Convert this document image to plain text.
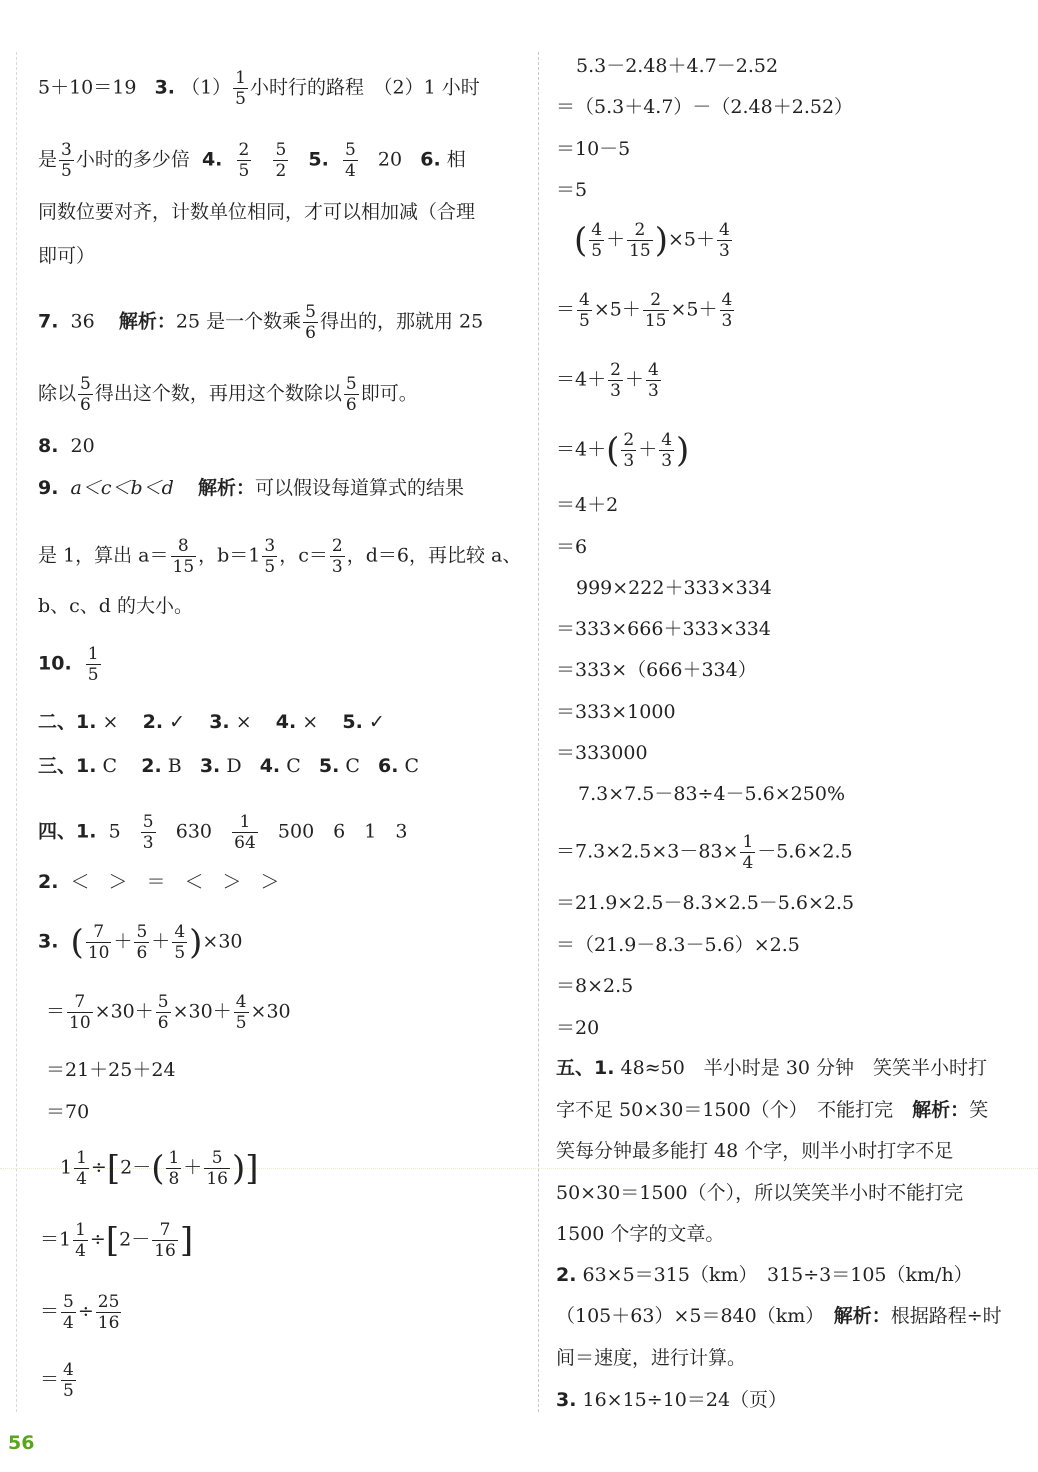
5＋10＝19 3. $(1) \frac{1}{5}$ 小时行的路程　（2）1 小时
是 $\frac{3}{5}$ 小时的多少倍 4. $\frac{2}{5}$
$\frac{5}{2} 5$. $\frac{5}{4} 20$ 6. 相
同数位要对齐，计数单位相同，才可以相加减（合理
即可）
7. 36 解析：25 是一个数乘 $\frac{5}{6}$ 得出的，那就用 25
除以 $\frac{5}{6}$ 得出这个数，再用这个数除以 $\frac{5}{6}$ 即可。
8. 20
9. a＜c＜b＜d 解析：可以假设每道算式的结果
是 1，算出 $a= \frac{8}{15}$ ，$b=1 \frac{3}{5}$ ，$c= \frac{2}{3}$ ，d＝6，再比较 a、
b、c、d 的大小。
10. $\frac{1}{5}$
二、1. × 2. ✓ 3. × 4. × 5. ✓
三、1. C 2. B 3. D 4. C 5. C 6. C
四、1. $5 \frac{5}{3} 630 \frac{1}{64} 500$　6　1　3
2. ＜　＞　＝　＜　＞　＞
3. ( $\frac{7}{10} + \frac{5}{6} + \frac{4}{5} )\times 30$
＝ $\frac{7}{10} \times 30+ \frac{5}{6} \times 30+ \frac{4}{5} \times 30$
＝21＋25＋24
＝70
$1 \frac{1}{4} \div[2-( \frac{1}{8} + \frac{5}{16}$ )]
$=1 \frac{1}{4} \div[2- \frac{7}{16}$ ]
＝ $\frac{5}{4} \div \frac{25}{16}$
＝ $\frac{4}{5}$
5.3－2.48＋4.7－2.52
＝（5.3＋4.7）－（2.48＋2.52）
＝10－5
＝5
( $\frac{4}{5} + \frac{2}{15} )\times 5+ \frac{4}{3}$
＝ $\frac{4}{5} \times 5+ \frac{2}{15} \times 5+ \frac{4}{3}$
$=4+ \frac{2}{3} + \frac{4}{3}$
$=4+( \frac{2}{3} + \frac{4}{3}$ )
＝4＋2
＝6
999×222＋333×334
＝333×666＋333×334
＝333×（666＋334）
＝333×1000
＝333000
7.3×7.5－83÷4－5.6×250%
$=7.3\times 2.5\times 3-83\times \frac{1}{4} -5.6\times 2.5$
＝21.9×2.5－8.3×2.5－5.6×2.5
＝（21.9－8.3－5.6）×2.5
＝8×2.5
＝20
五、1. 48≈50　半小时是 30 分钟　笑笑半小时打
字不足 50×30＝1500（个）　不能打完　解析：笑
笑每分钟最多能打 48 个字，则半小时打字不足
50×30＝1500（个），所以笑笑半小时不能打完
1500 个字的文章。
2. 63×5＝315（km）　315÷3＝105（km/h）
（105＋63）×5＝840（km）　解析：根据路程÷时
间＝速度，进行计算。
3. 16×15÷10＝24（页）
56
